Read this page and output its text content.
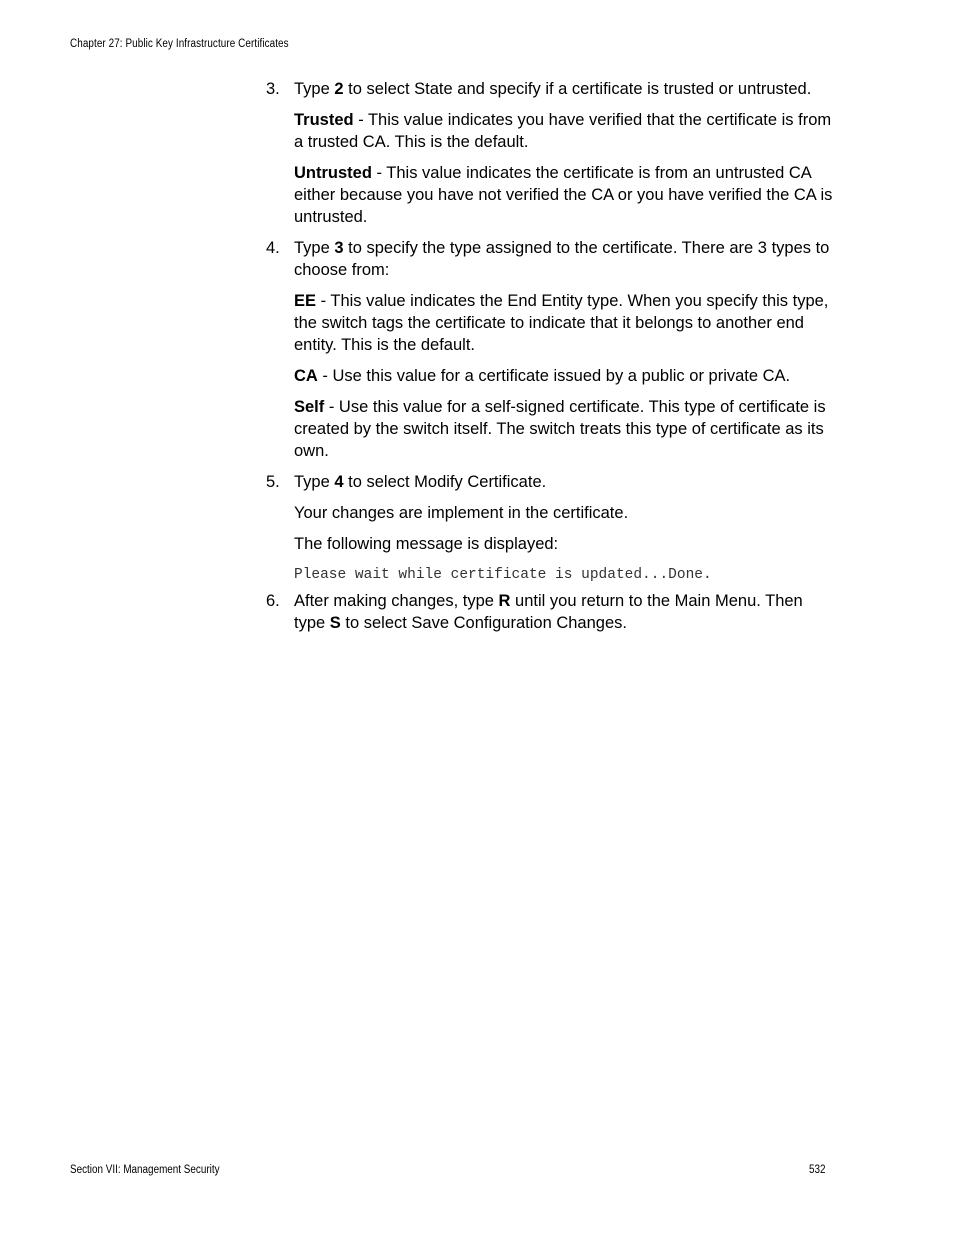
Chapter 27: Public Key Infrastructure Certificates
3. Type 2 to select State and specify if a certificate is trusted or untrusted.

Trusted - This value indicates you have verified that the certificate is from a trusted CA. This is the default.

Untrusted - This value indicates the certificate is from an untrusted CA either because you have not verified the CA or you have verified the CA is untrusted.

4. Type 3 to specify the type assigned to the certificate. There are 3 types to choose from:

EE - This value indicates the End Entity type. When you specify this type, the switch tags the certificate to indicate that it belongs to another end entity. This is the default.

CA - Use this value for a certificate issued by a public or private CA.

Self - Use this value for a self-signed certificate. This type of certificate is created by the switch itself. The switch treats this type of certificate as its own.

5. Type 4 to select Modify Certificate.

Your changes are implement in the certificate.

The following message is displayed:

Please wait while certificate is updated...Done.

6. After making changes, type R until you return to the Main Menu. Then type S to select Save Configuration Changes.
Section VII: Management Security	532
